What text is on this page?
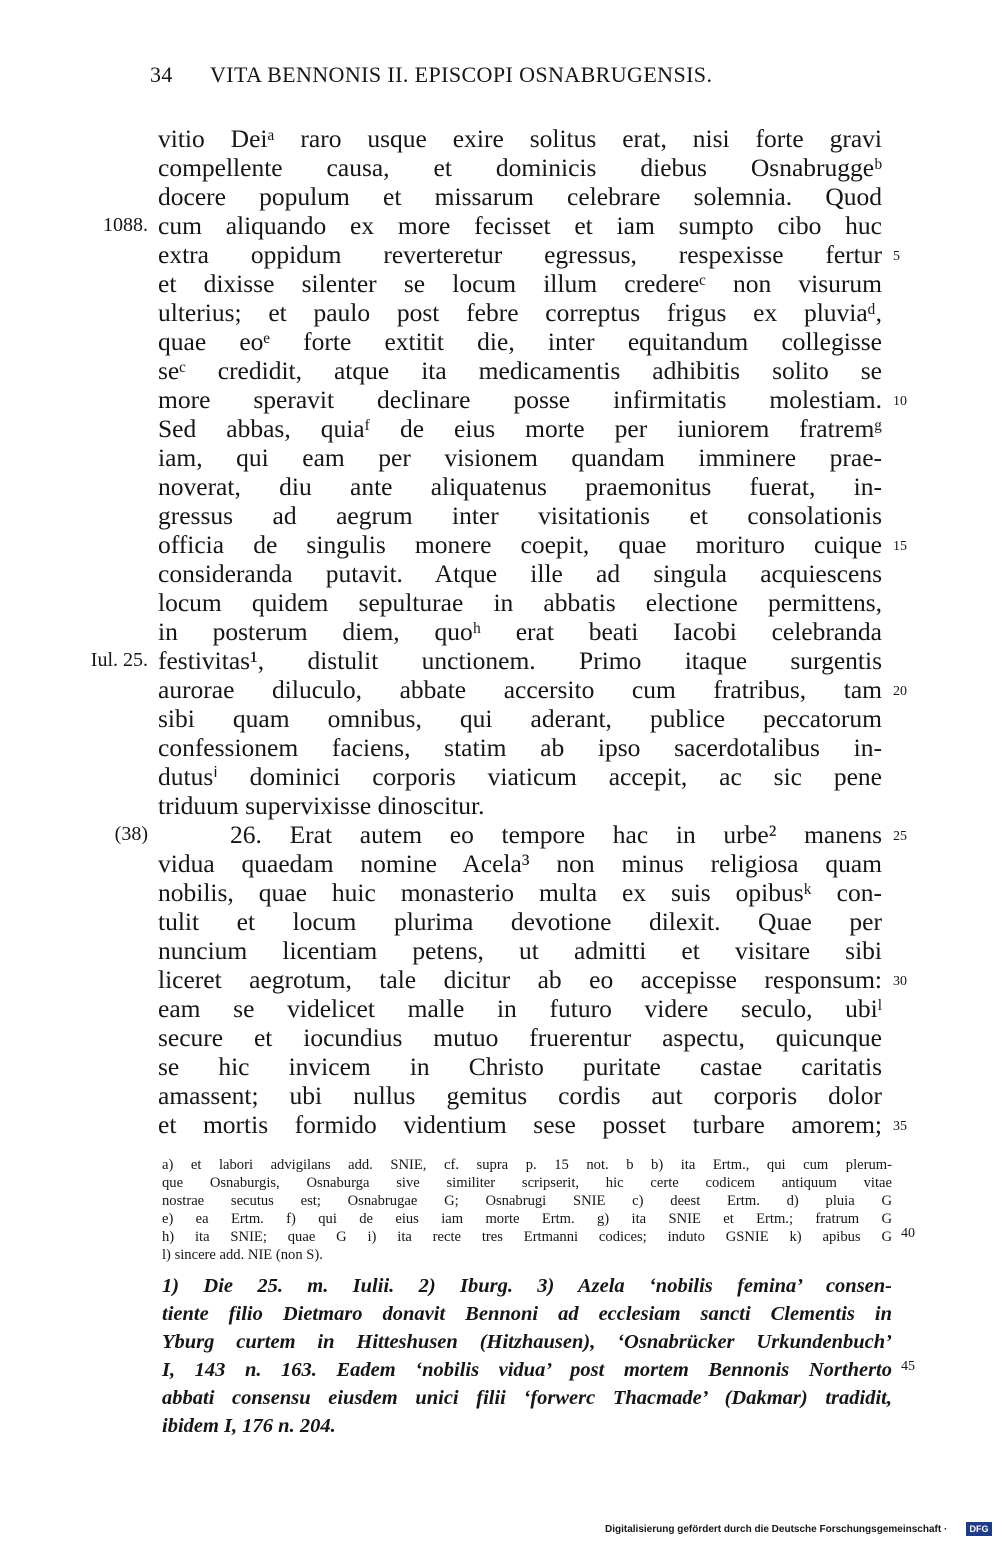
34 VITA BENNONIS II. EPISCOPI OSNABRUGENSIS.
vitio Deiᵃ raro usque exire solitus erat, nisi forte gravi
compellente causa, et dominicis diebus Osnabruggeᵇ
docere populum et missarum celebrare solemnia. Quod
cum aliquando ex more fecisset et iam sumpto cibo huc
extra oppidum reverteretur egressus, respexisse fertur
et dixisse silenter se locum illum credereᶜ non visurum
ulterius; et paulo post febre correptus frigus ex pluviaᵈ,
quae eoᵉ forte extitit die, inter equitandum collegisse
seᶜ credidit, atque ita medicamentis adhibitis solito se
more speravit declinare posse infirmitatis molestiam.
Sed abbas, quiaᶠ de eius morte per iuniorem fratremᵍ
iam, qui eam per visionem quandam imminere prae-
noverat, diu ante aliquatenus praemonitus fuerat, in-
gressus ad aegrum inter visitationis et consolationis
officia de singulis monere coepit, quae morituro cuique
consideranda putavit. Atque ille ad singula acquiescens
locum quidem sepulturae in abbatis electione permittens,
in posterum diem, quoʰ erat beati Iacobi celebranda
festivitas¹, distulit unctionem. Primo itaque surgentis
aurorae diluculo, abbate accersito cum fratribus, tam
sibi quam omnibus, qui aderant, publice peccatorum
confessionem faciens, statim ab ipso sacerdotalibus in-
dutusⁱ dominici corporis viaticum accepit, ac sic pene
triduum supervixisse dinoscitur.
26. Erat autem eo tempore hac in urbe² manens
vidua quaedam nomine Acela³ non minus religiosa quam
nobilis, quae huic monasterio multa ex suis opibusᵏ con-
tulit et locum plurima devotione dilexit. Quae per
nuncium licentiam petens, ut admitti et visitare sibi
liceret aegrotum, tale dicitur ab eo accepisse responsum:
eam se videlicet malle in futuro videre seculo, ubiˡ
secure et iocundius mutuo fruerentur aspectu, quicunque
se hic invicem in Christo puritate castae caritatis
amassent; ubi nullus gemitus cordis aut corporis dolor
et mortis formido videntium sese posset turbare amorem;
1088.
Iul. 25.
(38)
5
10
15
20
25
30
35
a) et labori advigilans add. SNIE, cf. supra p. 15 not. b b) ita Ertm., qui cum plerum-
que Osnaburgis, Osnaburga sive similiter scripserit, hic certe codicem antiquum vitae
nostrae secutus est; Osnabrugae G; Osnabrugi SNIE c) deest Ertm. d) pluia G
e) ea Ertm. f) qui de eius iam morte Ertm. g) ita SNIE et Ertm.; fratrum G
h) ita SNIE; quae G i) ita recte tres Ertmanni codices; induto GSNIE k) apibus G
l) sincere add. NIE (non S).
40
1) Die 25. m. Iulii. 2) Iburg. 3) Azela ‘nobilis femina’ consen-
tiente filio Dietmaro donavit Bennoni ad ecclesiam sancti Clementis in
Yburg curtem in Hitteshusen (Hitzhausen), ‘Osnabrücker Urkundenbuch’
I, 143 n. 163. Eadem ‘nobilis vidua’ post mortem Bennonis Northerto
abbati consensu eiusdem unici filii ‘forwerc Thacmade’ (Dakmar) tradidit,
ibidem I, 176 n. 204.
45
Digitalisierung gefördert durch die Deutsche Forschungsgemeinschaft ·	DFG
